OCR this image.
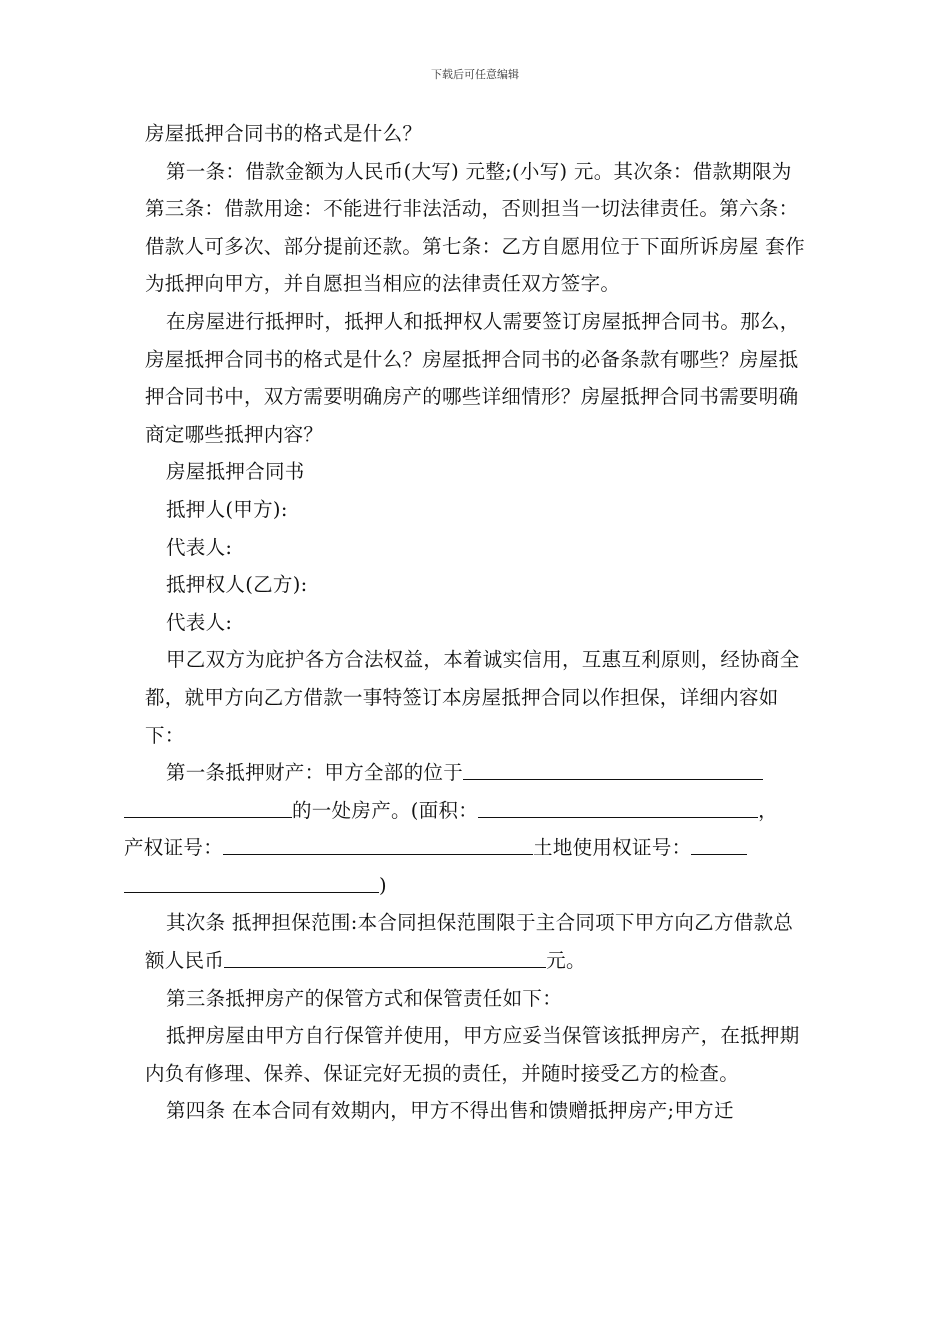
下载后可任意编辑

房屋抵押合同书的格式是什么？

第一条：借款金额为人民币(大写) 元整;(小写) 元。其次条：借款期限为 第三条：借款用途：不能进行非法活动，否则担当一切法律责任。第六条：借款人可多次、部分提前还款。第七条：乙方自愿用位于下面所诉房屋 套作为抵押向甲方，并自愿担当相应的法律责任双方签字。

在房屋进行抵押时，抵押人和抵押权人需要签订房屋抵押合同书。那么，房屋抵押合同书的格式是什么？房屋抵押合同书的必备条款有哪些？房屋抵押合同书中，双方需要明确房产的哪些详细情形？房屋抵押合同书需要明确商定哪些抵押内容？

房屋抵押合同书

抵押人(甲方):

代表人:

抵押权人(乙方):

代表人:

甲乙双方为庇护各方合法权益，本着诚实信用，互惠互利原则，经协商全都，就甲方向乙方借款一事特签订本房屋抵押合同以作担保，详细内容如下：

第一条抵押财产：甲方全部的位于
的一处房产。(面积：	，
产权证号：	土地使用权证号：
)

其次条 抵押担保范围:本合同担保范围限于主合同项下甲方向乙方借款总额人民币	元。

第三条抵押房产的保管方式和保管责任如下：

抵押房屋由甲方自行保管并使用，甲方应妥当保管该抵押房产，在抵押期内负有修理、保养、保证完好无损的责任，并随时接受乙方的检查。

第四条 在本合同有效期内，甲方不得出售和馈赠抵押房产;甲方迁
